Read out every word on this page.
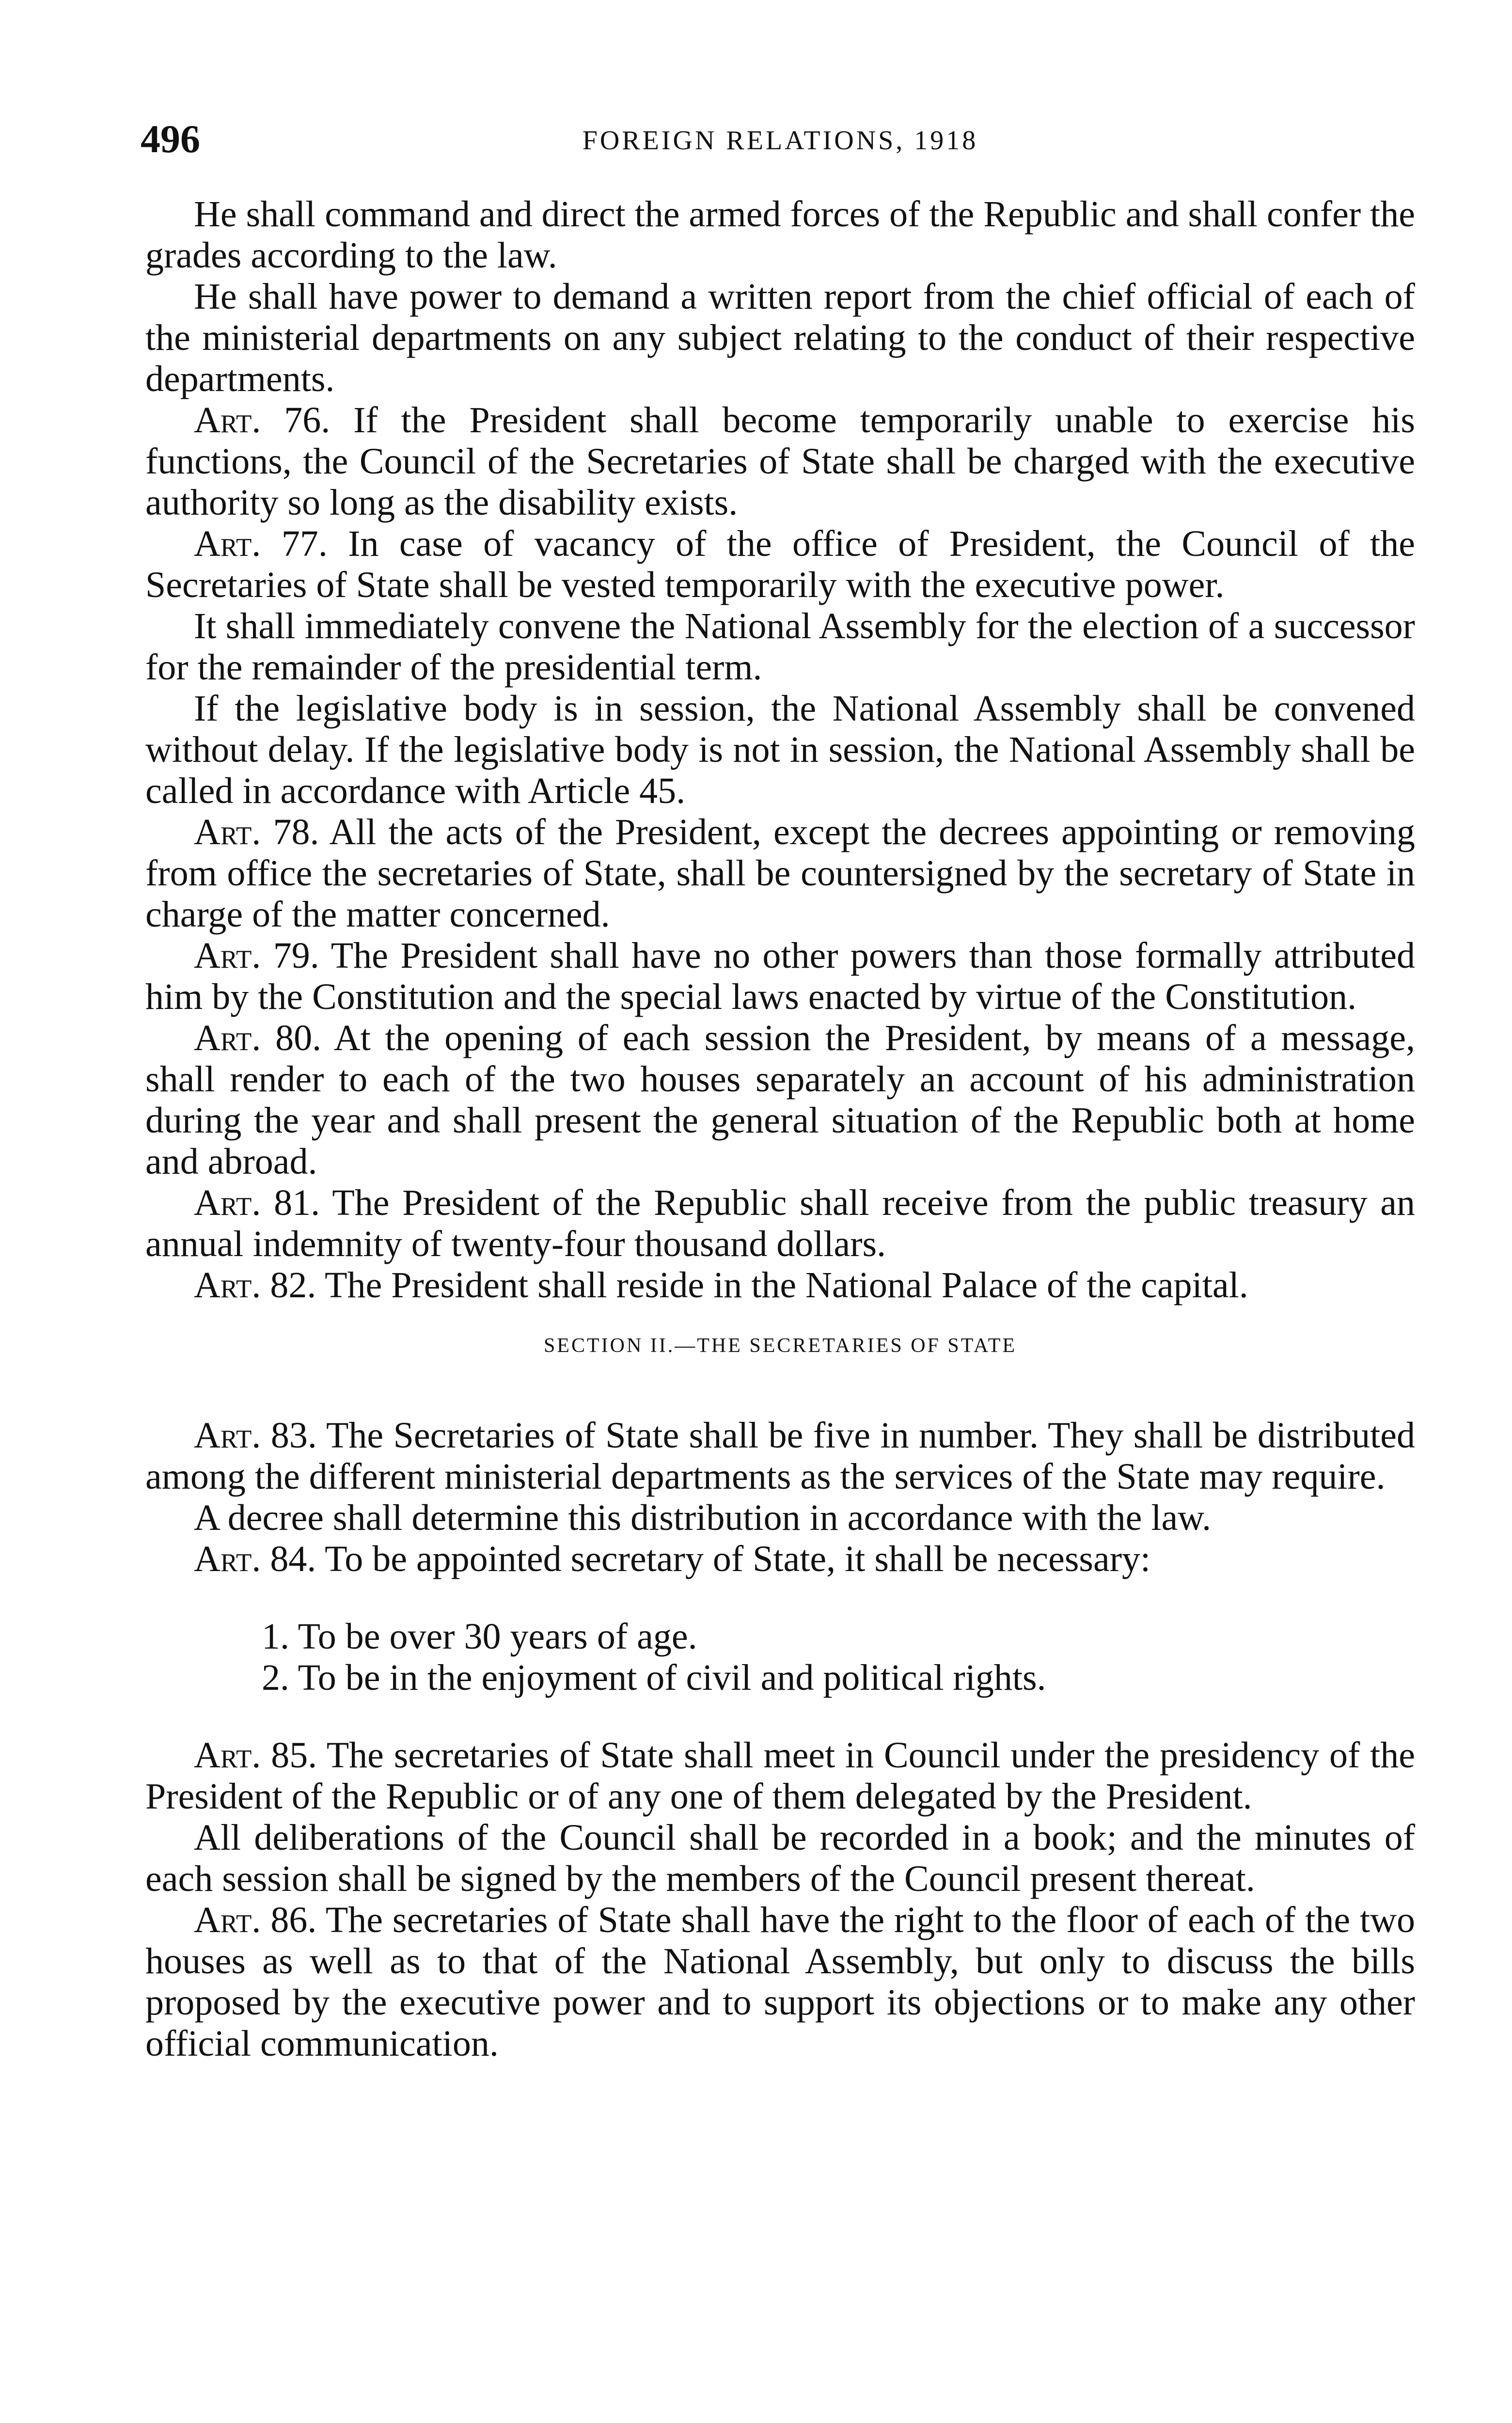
496	FOREIGN RELATIONS, 1918

He shall command and direct the armed forces of the Republic and shall confer the grades according to the law.

He shall have power to demand a written report from the chief official of each of the ministerial departments on any subject relating to the conduct of their respective departments.

Art. 76. If the President shall become temporarily unable to exercise his functions, the Council of the Secretaries of State shall be charged with the executive authority so long as the disability exists.

Art. 77. In case of vacancy of the office of President, the Council of the Secretaries of State shall be vested temporarily with the executive power.

It shall immediately convene the National Assembly for the election of a successor for the remainder of the presidential term.

If the legislative body is in session, the National Assembly shall be convened without delay. If the legislative body is not in session, the National Assembly shall be called in accordance with Article 45.

Art. 78. All the acts of the President, except the decrees appointing or removing from office the secretaries of State, shall be countersigned by the secretary of State in charge of the matter concerned.

Art. 79. The President shall have no other powers than those formally attributed him by the Constitution and the special laws enacted by virtue of the Constitution.

Art. 80. At the opening of each session the President, by means of a message, shall render to each of the two houses separately an account of his administration during the year and shall present the general situation of the Republic both at home and abroad.

Art. 81. The President of the Republic shall receive from the public treasury an annual indemnity of twenty-four thousand dollars.

Art. 82. The President shall reside in the National Palace of the capital.

SECTION II.—THE SECRETARIES OF STATE

Art. 83. The Secretaries of State shall be five in number. They shall be distributed among the different ministerial departments as the services of the State may require.

A decree shall determine this distribution in accordance with the law.

Art. 84. To be appointed secretary of State, it shall be necessary:

1. To be over 30 years of age.
2. To be in the enjoyment of civil and political rights.

Art. 85. The secretaries of State shall meet in Council under the presidency of the President of the Republic or of any one of them delegated by the President.

All deliberations of the Council shall be recorded in a book; and the minutes of each session shall be signed by the members of the Council present thereat.

Art. 86. The secretaries of State shall have the right to the floor of each of the two houses as well as to that of the National Assembly, but only to discuss the bills proposed by the executive power and to support its objections or to make any other official communication.
